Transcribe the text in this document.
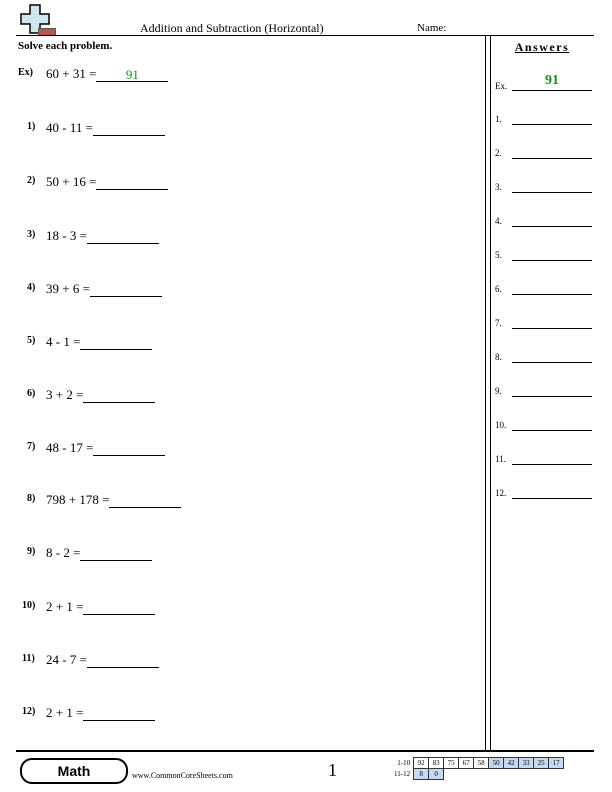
Addition and Subtraction (Horizontal)	Name:
Solve each problem.
Ex) 60 + 31 = 91
1) 40 - 11 =
2) 50 + 16 =
3) 18 - 3 =
4) 39 + 6 =
5) 4 - 1 =
6) 3 + 2 =
7) 48 - 17 =
8) 798 + 178 =
9) 8 - 2 =
10) 2 + 1 =
11) 24 - 7 =
12) 2 + 1 =
Answers
Ex.	91
1.
2.
3.
4.
5.
6.
7.
8.
9.
10.
11.
12.
Math	www.CommonCoreSheets.com	1	1-10	92	83	75	67	58	50	42	33	25	17
11-12	8	0								
